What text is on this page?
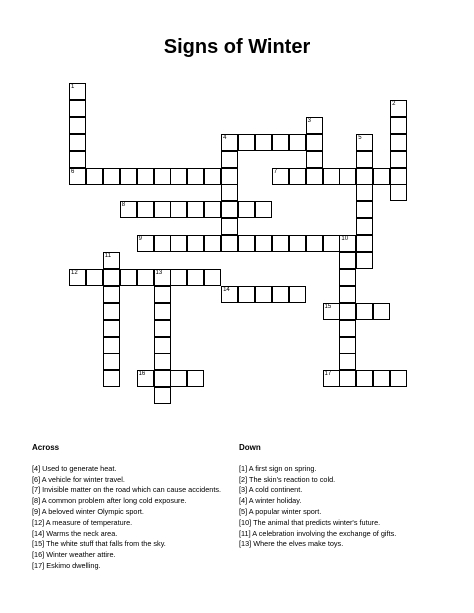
Signs of Winter
1
6
2
3
4	5
7
8
9	10
11
12	13
14
15
16	17
Across

[4] Used to generate heat.

[6] A vehicle for winter travel.

[7] Invisible matter on the road which can cause accidents.

[8] A common problem after long cold exposure.

[9] A beloved winter Olympic sport.

[12] A measure of temperature.

[14] Warms the neck area.

[15] The white stuff that falls from the sky.

[16] Winter weather attire.

[17] Eskimo dwelling.

Down

[1] A first sign on spring.

[2] The skin's reaction to cold.

[3] A cold continent.

[4] A winter holiday.

[5] A popular winter sport.

[10] The animal that predicts winter's future.

[11] A celebration involving the exchange of gifts.

[13] Where the elves make toys.
